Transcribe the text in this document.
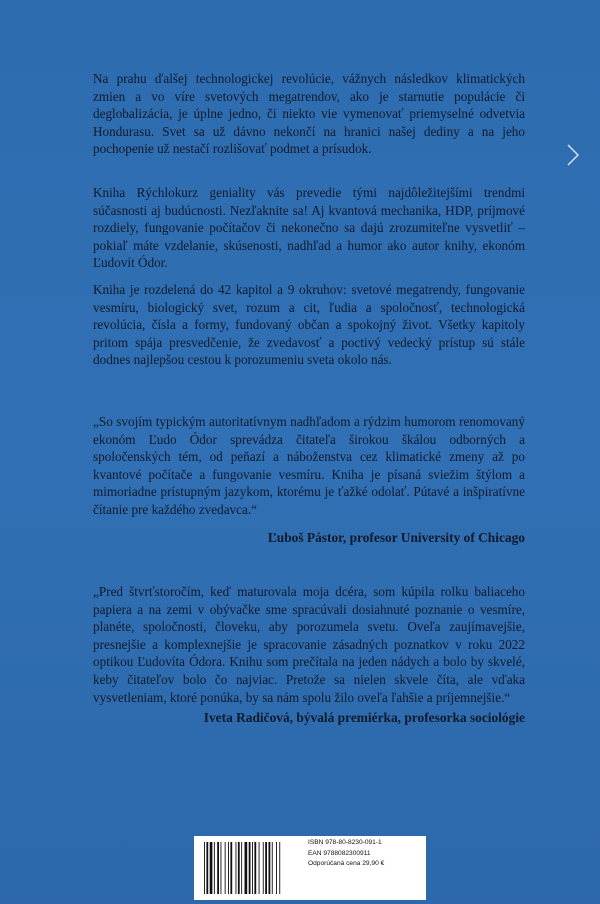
Na prahu ďalšej technologickej revolúcie, vážnych následkov klimatických zmien a vo víre svetových megatrendov, ako je starnutie populácie či deglobalizácia, je úplne jedno, či niekto vie vymenovať priemyselné odvetvia Hondurasu. Svet sa už dávno nekončí na hranici našej dediny a na jeho pochopenie už nestačí rozlišovať podmet a prísudok.

Kniha Rýchlokurz geniality vás prevedie tými najdôležitejšími trendmi súčasnosti aj budúcnosti. Nezľaknite sa! Aj kvantová mechanika, HDP, príjmové rozdiely, fungovanie počítačov či nekonečno sa dajú zrozumiteľne vysvetliť – pokiaľ máte vzdelanie, skúsenosti, nadhľad a humor ako autor knihy, ekonóm Ľudovít Ódor.

Kniha je rozdelená do 42 kapitol a 9 okruhov: svetové megatrendy, fungovanie vesmíru, biologický svet, rozum a cit, ľudia a spoločnosť, technologická revolúcia, čísla a formy, fundovaný občan a spokojný život. Všetky kapitoly pritom spája presvedčenie, že zvedavosť a poctivý vedecký prístup sú stále dodnes najlepšou cestou k porozumeniu sveta okolo nás.

„So svojím typickým autoritatívnym nadhľadom a rýdzim humorom renomovaný ekonóm Ľudo Ódor sprevádza čitateľa širokou škálou odborných a spoločenských tém, od peňazí a náboženstva cez klimatické zmeny až po kvantové počítače a fungovanie vesmíru. Kniha je písaná sviežim štýlom a mimoriadne prístupným jazykom, ktorému je ťažké odolať. Pútavé a inšpiratívne čítanie pre každého zvedavca.“

Ľuboš Pástor, profesor University of Chicago

„Pred štvrťstoročím, keď maturovala moja dcéra, som kúpila rolku baliaceho papiera a na zemi v obývačke sme spracúvali dosiahnuté poznanie o vesmíre, planéte, spoločnosti, človeku, aby porozumela svetu. Oveľa zaujímavejšie, presnejšie a komplexnejšie je spracovanie zásadných poznatkov v roku 2022 optikou Ľudovíta Ódora. Knihu som prečítala na jeden nádych a bolo by skvelé, keby čitateľov bolo čo najviac. Pretože sa nielen skvele číta, ale vďaka vysvetleniam, ktoré ponúka, by sa nám spolu žilo oveľa ľahšie a príjemnejšie.“

Iveta Radičová, bývalá premiérka, profesorka sociológie

ISBN 978-80-8230-091-1
EAN 9788082300911
Odporúčaná cena 29,90 €
